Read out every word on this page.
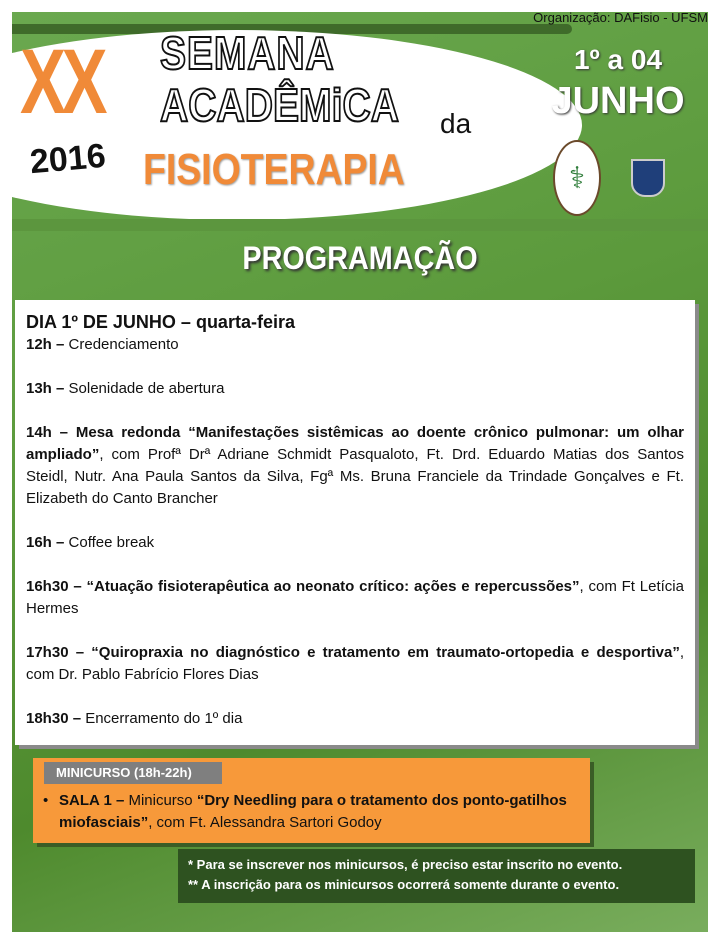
XX SEMANA
ACADÊMiCA da
2016 FISIOTERAPIA
Organização: DAFisio - UFSM
1º a 04
JUNHO
⚕
PROGRAMAÇÃO
DIA 1º DE JUNHO – quarta-feira

12h – Credenciamento

13h – Solenidade de abertura

14h – Mesa redonda “Manifestações sistêmicas ao doente crônico pulmonar: um olhar ampliado”, com Profª Drª Adriane Schmidt Pasqualoto, Ft. Drd. Eduardo Matias dos Santos Steidl, Nutr. Ana Paula Santos da Silva, Fgª Ms. Bruna Franciele da Trindade Gonçalves e Ft. Elizabeth do Canto Brancher

16h – Coffee break

16h30 – “Atuação fisioterapêutica ao neonato crítico: ações e repercussões”, com Ft Letícia Hermes

17h30 – “Quiropraxia no diagnóstico e tratamento em traumato-ortopedia e desportiva”, com Dr. Pablo Fabrício Flores Dias

18h30 – Encerramento do 1º dia

MINICURSO (18h-22h)
• SALA 1 – Minicurso “Dry Needling para o tratamento dos ponto-gatilhos miofasciais”, com Ft. Alessandra Sartori Godoy
* Para se inscrever nos minicursos, é preciso estar inscrito no evento.
** A inscrição para os minicursos ocorrerá somente durante o evento.
